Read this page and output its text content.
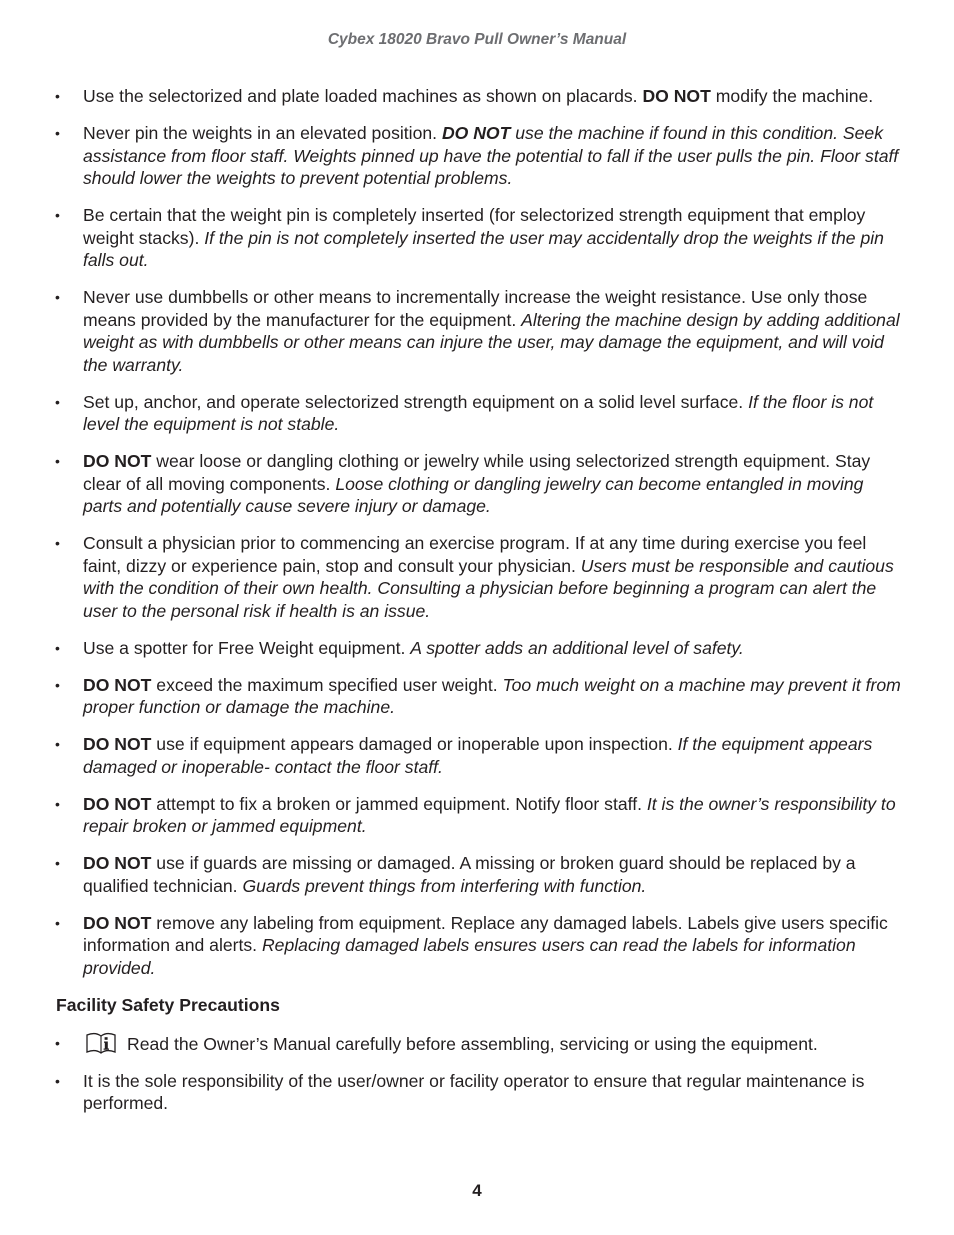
Cybex 18020 Bravo Pull Owner’s Manual
• Use the selectorized and plate loaded machines as shown on placards. DO NOT modify the machine.
• Never pin the weights in an elevated position. DO NOT use the machine if found in this condition. Seek assistance from floor staff. Weights pinned up have the potential to fall if the user pulls the pin. Floor staff should lower the weights to prevent potential problems.
• Be certain that the weight pin is completely inserted (for selectorized strength equipment that employ weight stacks). If the pin is not completely inserted the user may accidentally drop the weights if the pin falls out.
• Never use dumbbells or other means to incrementally increase the weight resistance. Use only those means provided by the manufacturer for the equipment. Altering the machine design by adding additional weight as with dumbbells or other means can injure the user, may damage the equipment, and will void the warranty.
• Set up, anchor, and operate selectorized strength equipment on a solid level surface. If the floor is not level the equipment is not stable.
• DO NOT wear loose or dangling clothing or jewelry while using selectorized strength equipment. Stay clear of all moving components. Loose clothing or dangling jewelry can become entangled in moving parts and potentially cause severe injury or damage.
• Consult a physician prior to commencing an exercise program. If at any time during exercise you feel faint, dizzy or experience pain, stop and consult your physician. Users must be responsible and cautious with the condition of their own health. Consulting a physician before beginning a program can alert the user to the personal risk if health is an issue.
• Use a spotter for Free Weight equipment. A spotter adds an additional level of safety.
• DO NOT exceed the maximum specified user weight. Too much weight on a machine may prevent it from proper function or damage the machine.
• DO NOT use if equipment appears damaged or inoperable upon inspection. If the equipment appears damaged or inoperable- contact the floor staff.
• DO NOT attempt to fix a broken or jammed equipment. Notify floor staff. It is the owner’s responsibility to repair broken or jammed equipment.
• DO NOT use if guards are missing or damaged. A missing or broken guard should be replaced by a qualified technician. Guards prevent things from interfering with function.
• DO NOT remove any labeling from equipment. Replace any damaged labels. Labels give users specific information and alerts. Replacing damaged labels ensures users can read the labels for information provided.
Facility Safety Precautions
•	Read the Owner’s Manual carefully before assembling, servicing or using the equipment.
• It is the sole responsibility of the user/owner or facility operator to ensure that regular maintenance is performed.
4
